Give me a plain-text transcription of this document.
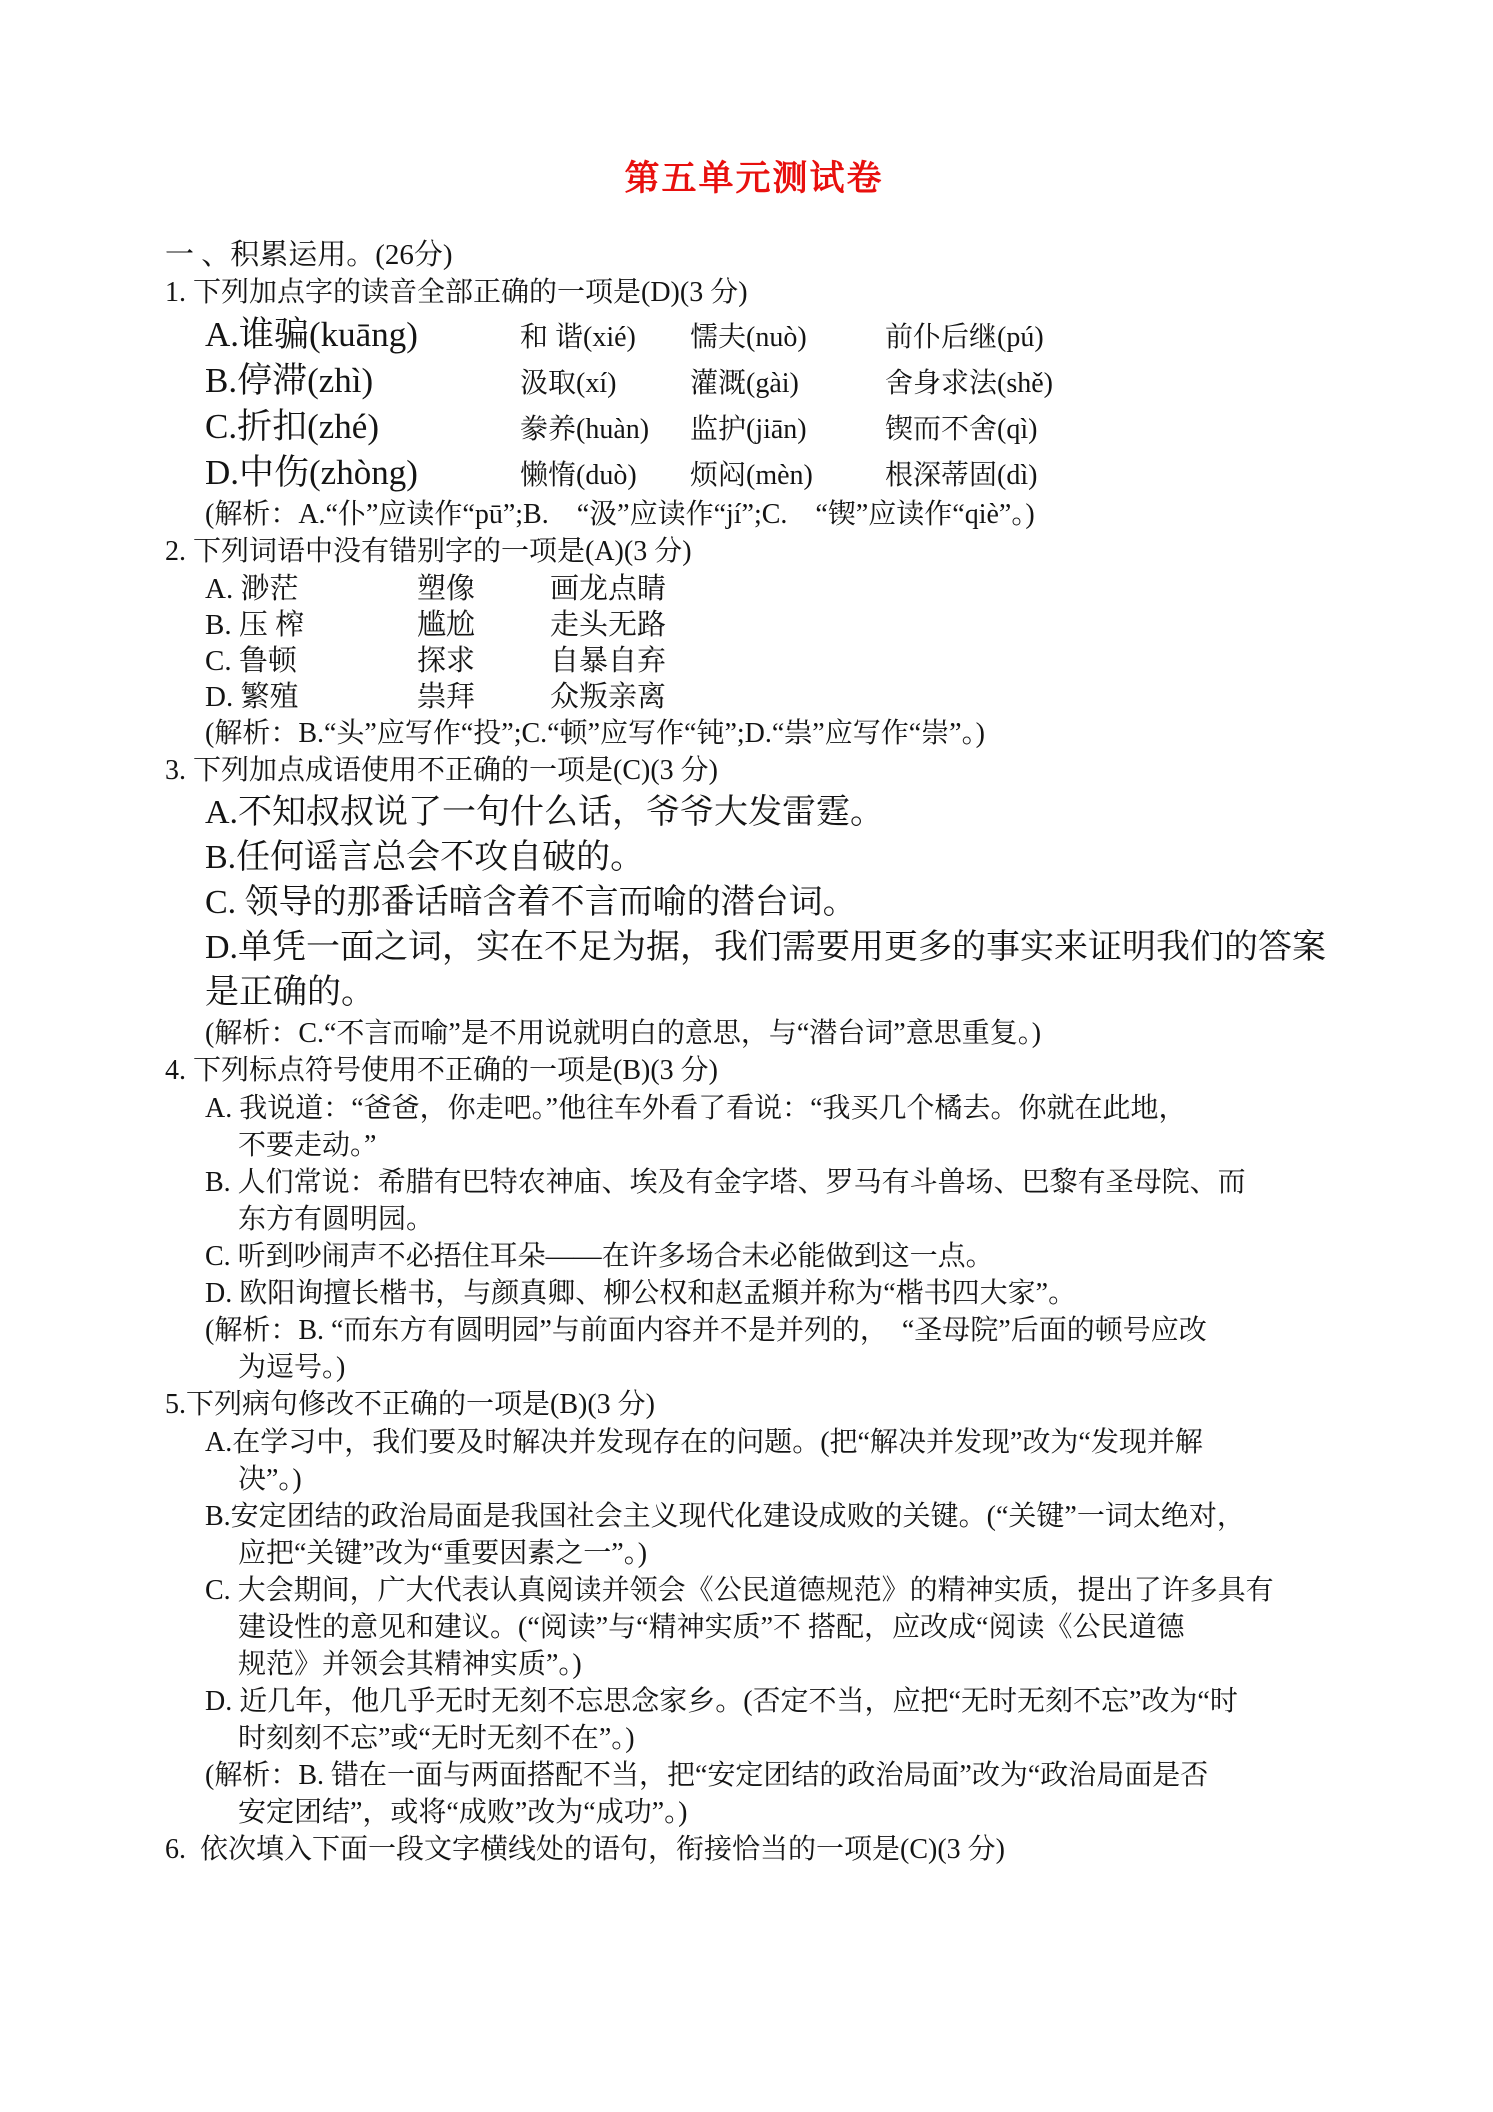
第五单元测试卷
一 、积累运用。(26分)
1. 下列加点字的读音全部正确的一项是(D)(3 分)
A.谁骗(kuāng)	和 谐(xié)	懦夫(nuò)	前仆后继(pú)
B.停滞(zhì)	汲取(xí)	灌溉(gài)	舍身求法(shě)
C.折扣(zhé)	豢养(huàn)	监护(jiān)	锲而不舍(qì)
D.中伤(zhòng)	懒惰(duò)	烦闷(mèn)	根深蒂固(dì)
(解析：A.“仆”应读作“pū”;B.　“汲”应读作“jí”;C.　“锲”应读作“qiè”。)
2. 下列词语中没有错别字的一项是(A)(3 分)
A. 渺茫	塑像	画龙点睛
B. 压 榨	尴尬	走头无路
C. 鲁顿	探求	自暴自弃
D. 繁殖	祟拜	众叛亲离
(解析：B.“头”应写作“投”;C.“顿”应写作“钝”;D.“祟”应写作“崇”。)
3. 下列加点成语使用不正确的一项是(C)(3 分)
A.不知叔叔说了一句什么话，爷爷大发雷霆。
B.任何谣言总会不攻自破的。
C. 领导的那番话暗含着不言而喻的潜台词。
D.单凭一面之词，实在不足为据，我们需要用更多的事实来证明我们的答案是正确的。
(解析：C.“不言而喻”是不用说就明白的意思，与“潜台词”意思重复。)
4. 下列标点符号使用不正确的一项是(B)(3 分)
A. 我说道：“爸爸，你走吧。”他往车外看了看说：“我买几个橘去。你就在此地，
不要走动。”
B. 人们常说：希腊有巴特农神庙、埃及有金字塔、罗马有斗兽场、巴黎有圣母院、而
东方有圆明园。
C. 听到吵闹声不必捂住耳朵——在许多场合未必能做到这一点。
D. 欧阳询擅长楷书，与颜真卿、柳公权和赵孟頫并称为“楷书四大家”。
(解析：B. “而东方有圆明园”与前面内容并不是并列的，　“圣母院”后面的顿号应改
为逗号。)
5.下列病句修改不正确的一项是(B)(3 分)
A.在学习中，我们要及时解决并发现存在的问题。(把“解决并发现”改为“发现并解
决”。)
B.安定团结的政治局面是我国社会主义现代化建设成败的关键。(“关键”一词太绝对，
应把“关键”改为“重要因素之一”。)
C. 大会期间，广大代表认真阅读并领会《公民道德规范》的精神实质，提出了许多具有
建设性的意见和建议。(“阅读”与“精神实质”不 搭配，应改成“阅读《公民道德
规范》并领会其精神实质”。)
D. 近几年，他几乎无时无刻不忘思念家乡。(否定不当，应把“无时无刻不忘”改为“时
时刻刻不忘”或“无时无刻不在”。)
(解析：B. 错在一面与两面搭配不当，把“安定团结的政治局面”改为“政治局面是否
安定团结”，或将“成败”改为“成功”。)
6.  依次填入下面一段文字横线处的语句，衔接恰当的一项是(C)(3 分)
